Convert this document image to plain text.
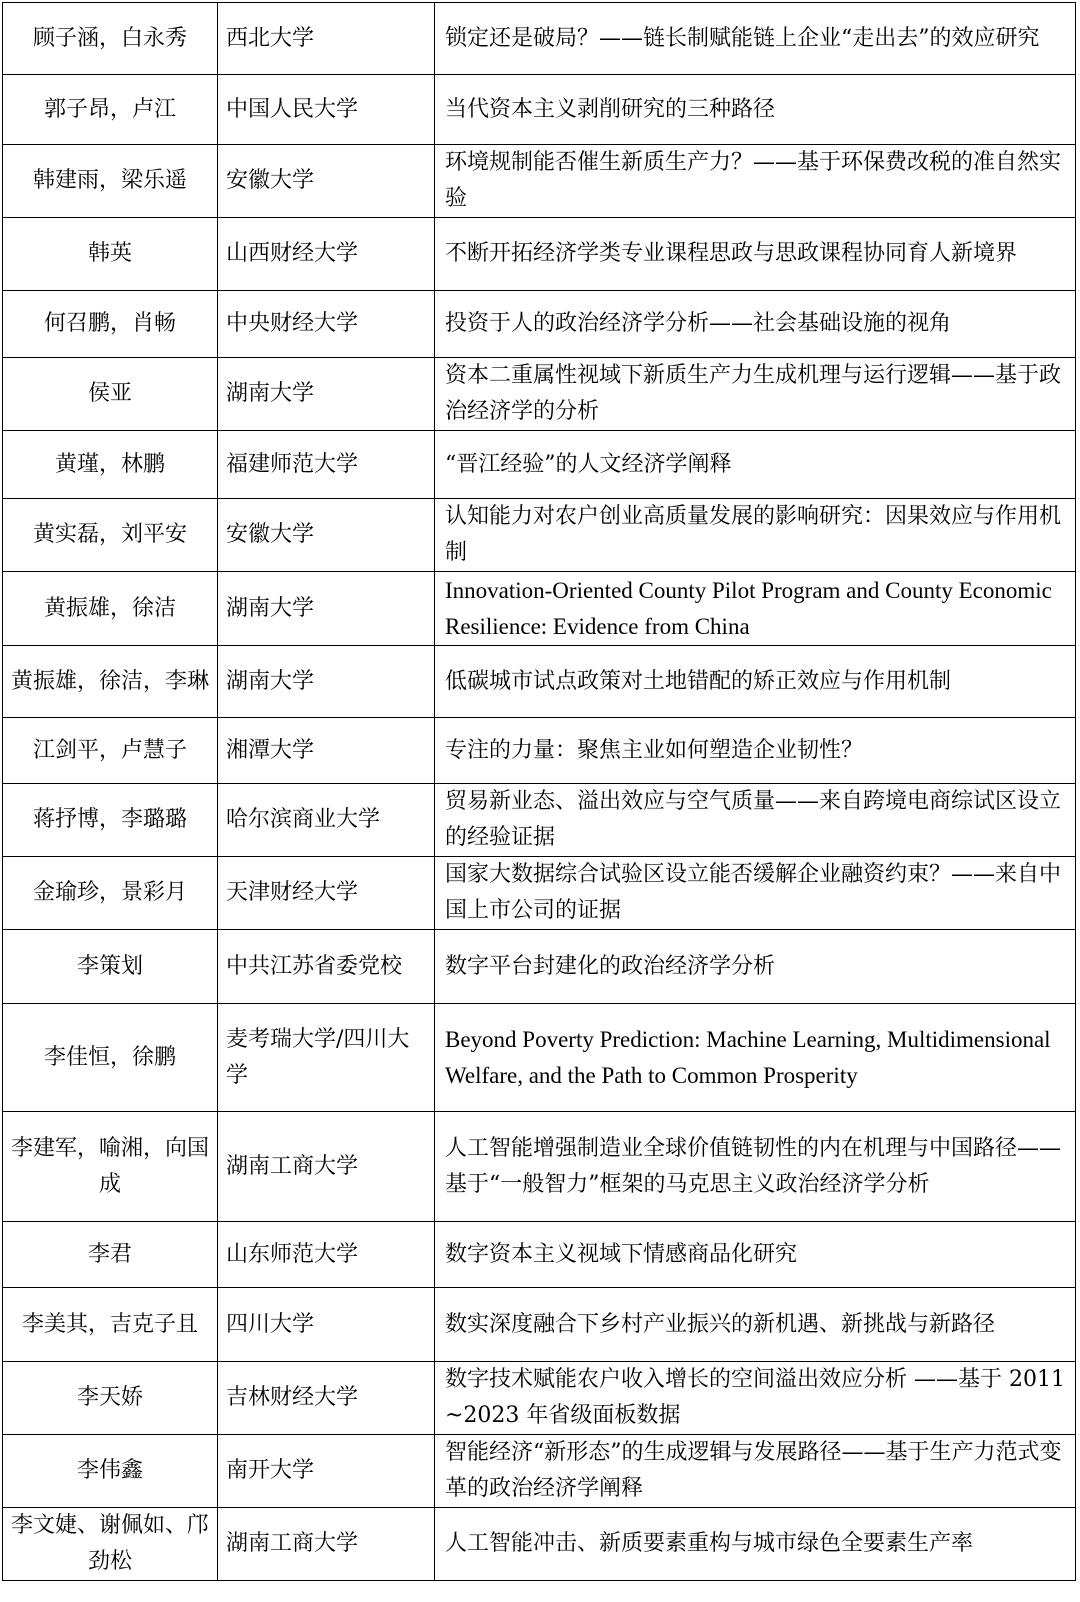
顾子涵，白永秀	西北大学	锁定还是破局？——链长制赋能链上企业“走出去”的效应研究
郭子昂，卢江	中国人民大学	当代资本主义剥削研究的三种路径
韩建雨，梁乐遥	安徽大学	环境规制能否催生新质生产力？——基于环保费改税的准自然实验
韩英	山西财经大学	不断开拓经济学类专业课程思政与思政课程协同育人新境界
何召鹏，肖畅	中央财经大学	投资于人的政治经济学分析——社会基础设施的视角
侯亚	湖南大学	资本二重属性视域下新质生产力生成机理与运行逻辑——基于政治经济学的分析
黄瑾，林鹏	福建师范大学	“晋江经验”的人文经济学阐释
黄实磊，刘平安	安徽大学	认知能力对农户创业高质量发展的影响研究：因果效应与作用机制
黄振雄，徐洁	湖南大学	Innovation-Oriented County Pilot Program and County Economic Resilience: Evidence from China
黄振雄，徐洁，李琳	湖南大学	低碳城市试点政策对土地错配的矫正效应与作用机制
江剑平，卢慧子	湘潭大学	专注的力量：聚焦主业如何塑造企业韧性？
蒋抒博，李璐璐	哈尔滨商业大学	贸易新业态、溢出效应与空气质量——来自跨境电商综试区设立的经验证据
金瑜珍，景彩月	天津财经大学	国家大数据综合试验区设立能否缓解企业融资约束？——来自中国上市公司的证据
李策划	中共江苏省委党校	数字平台封建化的政治经济学分析
李佳恒，徐鹏	麦考瑞大学/四川大学	Beyond Poverty Prediction: Machine Learning, Multidimensional Welfare, and the Path to Common Prosperity
李建军，喻湘，向国成	湖南工商大学	人工智能增强制造业全球价值链韧性的内在机理与中国路径——基于“一般智力”框架的马克思主义政治经济学分析
李君	山东师范大学	数字资本主义视域下情感商品化研究
李美其，吉克子且	四川大学	数实深度融合下乡村产业振兴的新机遇、新挑战与新路径
李天娇	吉林财经大学	数字技术赋能农户收入增长的空间溢出效应分析 ——基于 2011~2023 年省级面板数据
李伟鑫	南开大学	智能经济“新形态”的生成逻辑与发展路径——基于生产力范式变革的政治经济学阐释
李文婕、谢佩如、邝劲松	湖南工商大学	人工智能冲击、新质要素重构与城市绿色全要素生产率
